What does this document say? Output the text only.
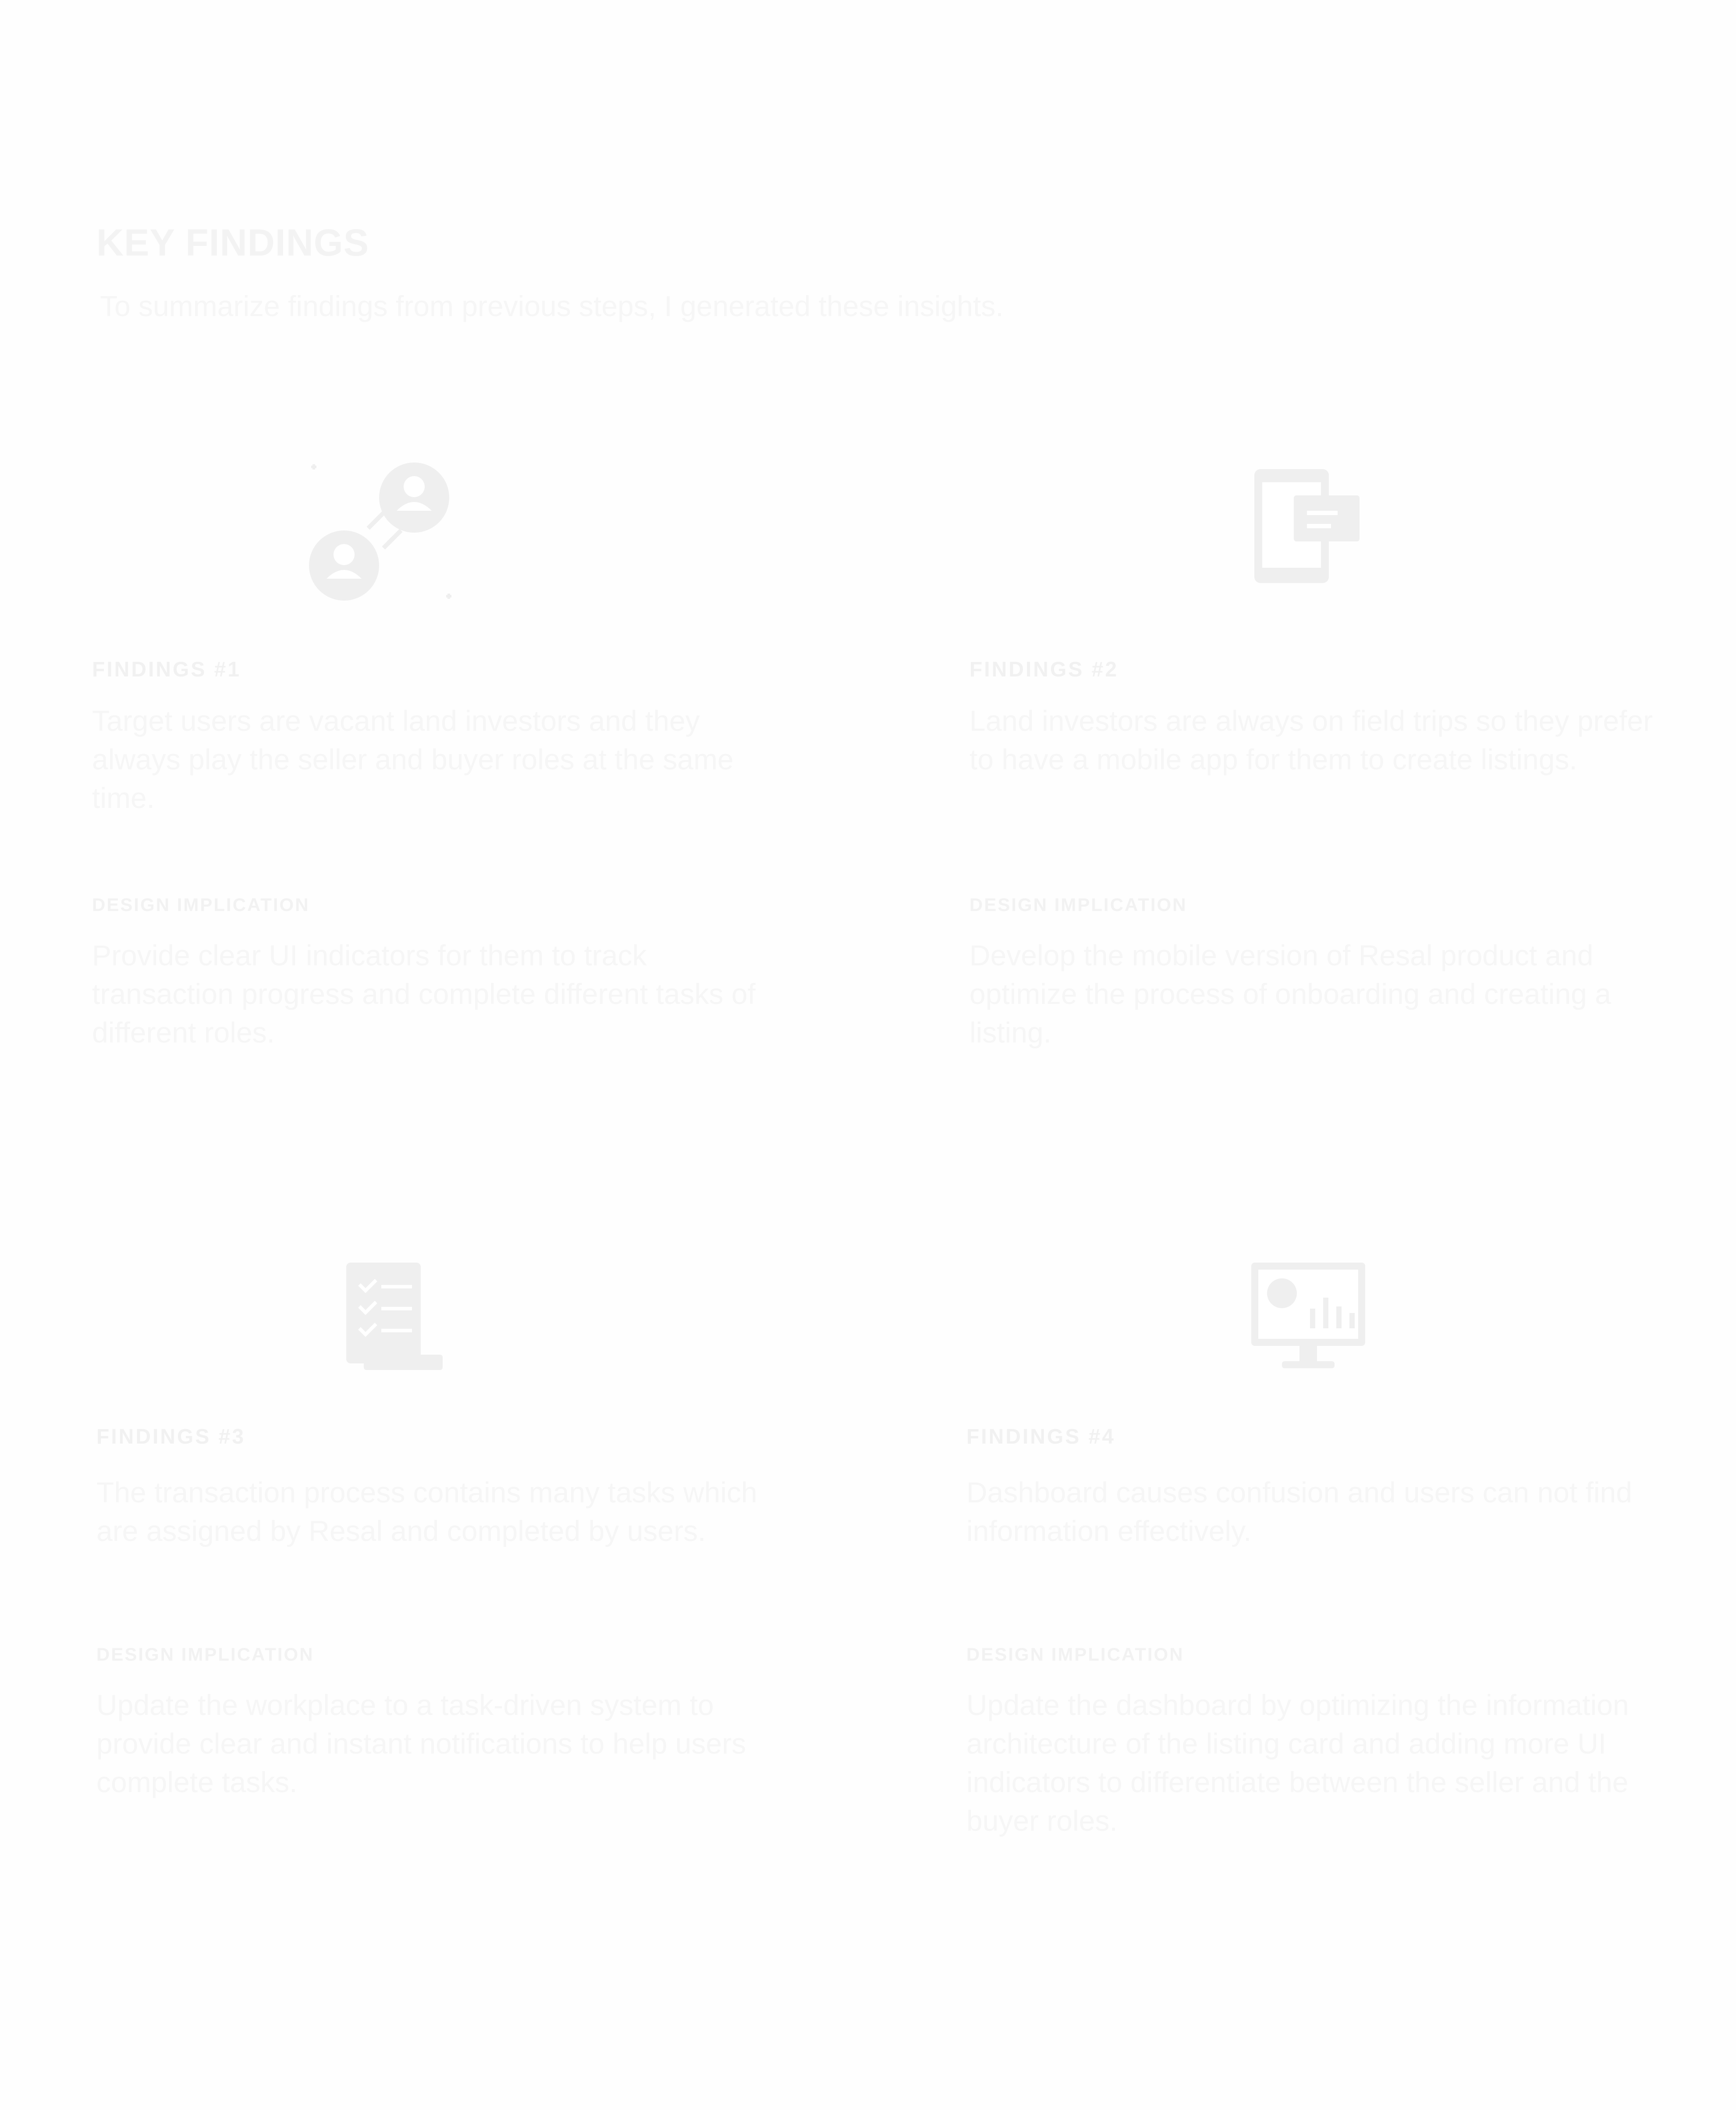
KEY FINDINGS

To summarize findings from previous steps, I generated these insights.

FINDINGS #1
Target users are vacant land investors and they always play the seller and buyer roles at the same time.
DESIGN IMPLICATION
Provide clear UI indicators for them to track transaction progress and complete different tasks of different roles.
FINDINGS #2
Land investors are always on field trips so they prefer to have a mobile app for them to create listings.
DESIGN IMPLICATION
Develop the mobile version of Resal product and optimize the process of onboarding and creating a listing.
FINDINGS #3
The transaction process contains many tasks which are assigned by Resal and completed by users.
DESIGN IMPLICATION
Update the workplace to a task-driven system to provide clear and instant notifications to help users complete tasks.
FINDINGS #4
Dashboard causes confusion and users can not find information effectively.
DESIGN IMPLICATION
Update the dashboard by optimizing the information architecture of the listing card and adding more UI indicators to differentiate between the seller and the buyer roles.
